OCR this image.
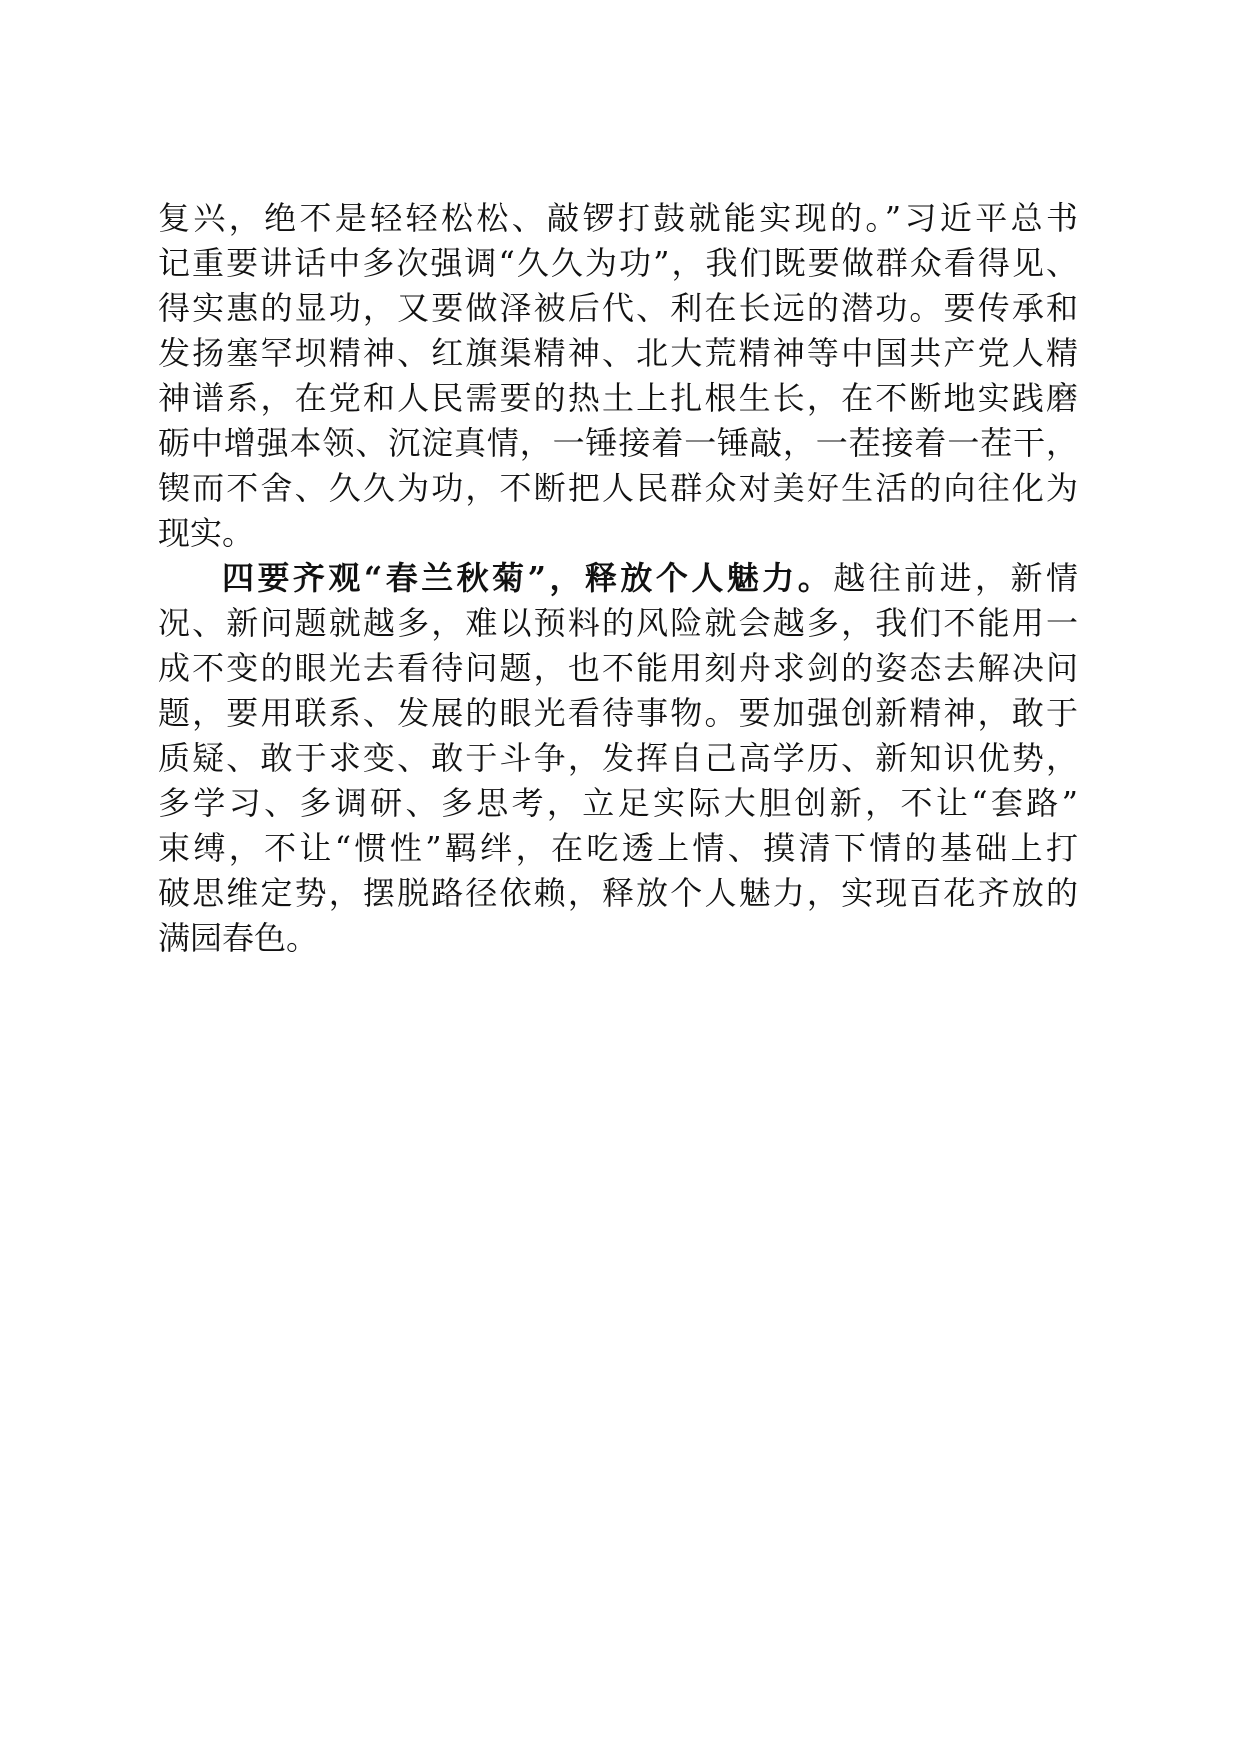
复兴，绝不是轻轻松松、敲锣打鼓就能实现的。”习近平总书
记重要讲话中多次强调“久久为功”，我们既要做群众看得见、
得实惠的显功，又要做泽被后代、利在长远的潜功。要传承和
发扬塞罕坝精神、红旗渠精神、北大荒精神等中国共产党人精
神谱系，在党和人民需要的热土上扎根生长，在不断地实践磨
砺中增强本领、沉淀真情，一锤接着一锤敲，一茬接着一茬干，
锲而不舍、久久为功，不断把人民群众对美好生活的向往化为
现实。
四要齐观“春兰秋菊”，释放个人魅力。越往前进，新情
况、新问题就越多，难以预料的风险就会越多，我们不能用一
成不变的眼光去看待问题，也不能用刻舟求剑的姿态去解决问
题，要用联系、发展的眼光看待事物。要加强创新精神，敢于
质疑、敢于求变、敢于斗争，发挥自己高学历、新知识优势，
多学习、多调研、多思考，立足实际大胆创新，不让“套路”
束缚，不让“惯性”羁绊，在吃透上情、摸清下情的基础上打
破思维定势，摆脱路径依赖，释放个人魅力，实现百花齐放的
满园春色。
